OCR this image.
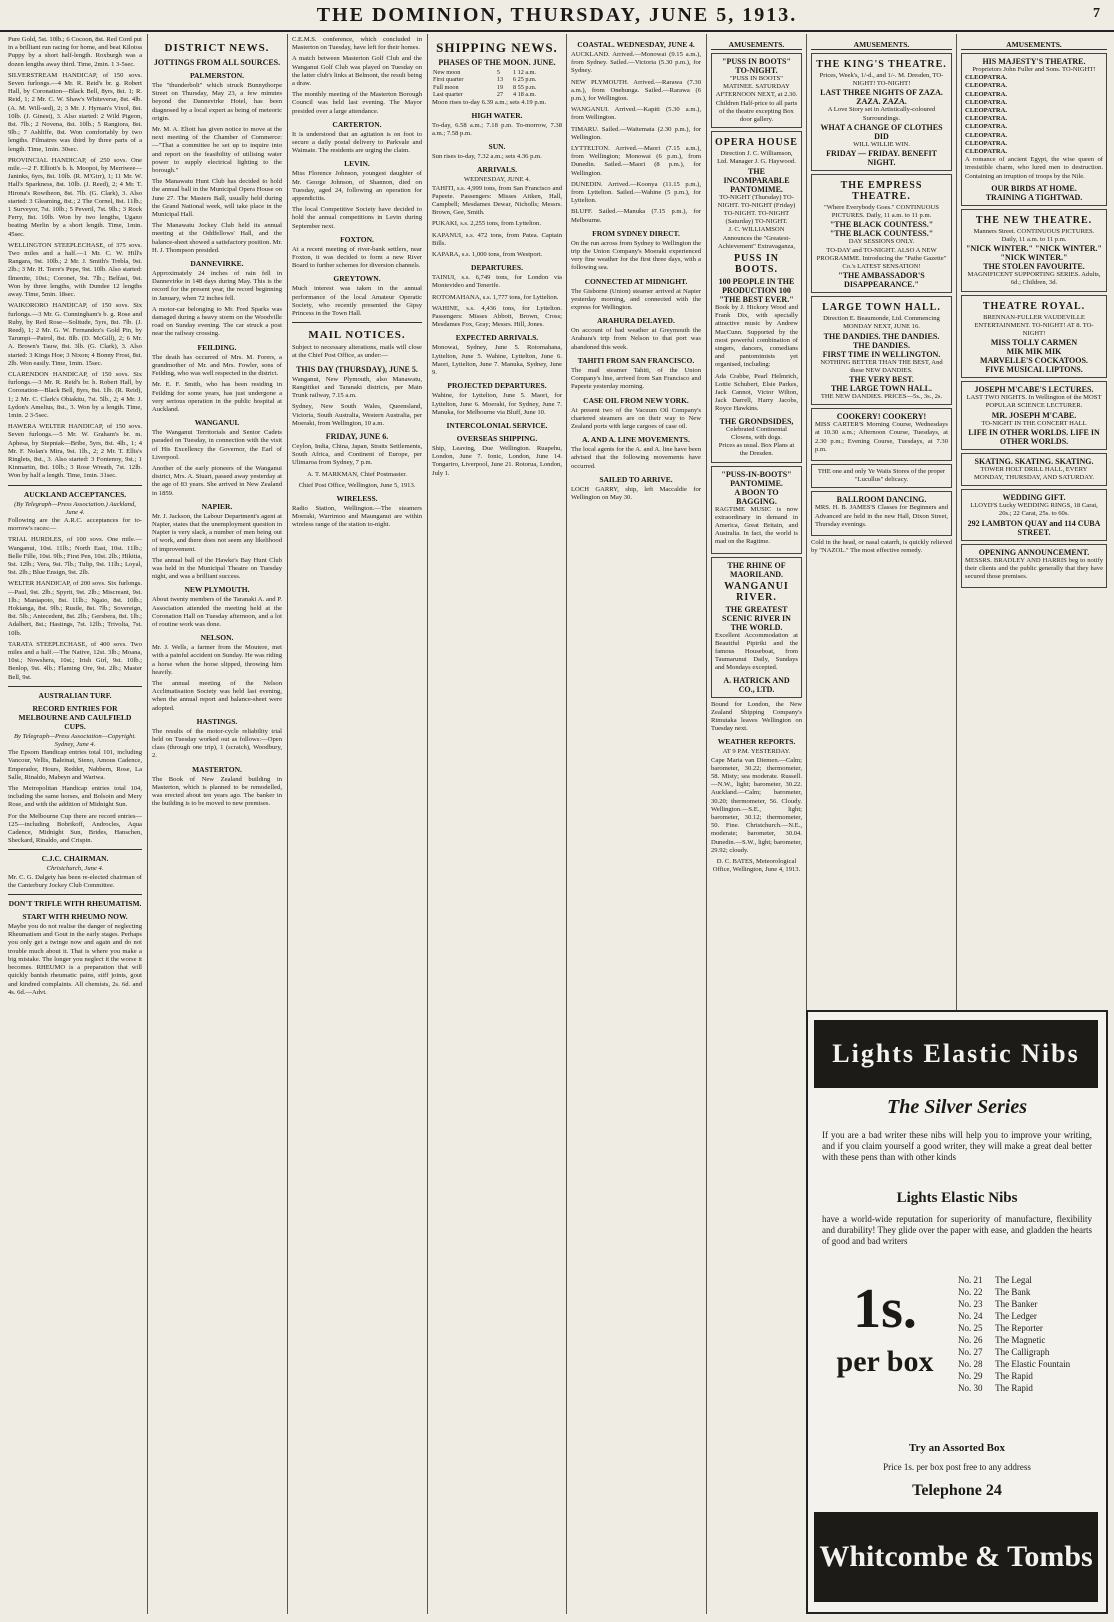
THE DOMINION, THURSDAY, JUNE 5, 1913.	7

Pure Gold, 5st. 10lb.; 6 Cocoon, 8st. Red Cord put in a brilliant run racing for home, and beat Kilotoa Puppy by a short half-length. Roxburgh was a dozen lengths away third. Time, 2min. 1 3-5sec.

SILVERSTREAM HANDICAP, of 150 sovs. Seven furlongs.—4 Mr. R. Reid's br. g. Robert Hall, by Coronation—Black Bell, 8yrs, 8st. 1; R. Reid, 1; 2 Mr. C. W. Shaw's Whiteverse, 8st. 4lb. (A. M. Will-sed), 2; 3 Mr. J. Hyman's Vixol, 8st. 10lb. (J. Ginest), 3. Also started: 2 Wild Pigeon, 8st. 7lb.; 2 Novena, 8st. 10lb.; 5 Rangiora, 8st. 9lb.; 7 Ashliffe, 8st. Won comfortably by two lengths. Filmatres was third by three parts of a length. Time, 1min. 30sec.

PROVINCIAL HANDICAP, of 250 sovs. One mile.—2 F. Elliott's b. h. Moopoi, by Merriwee—Janinks, 6yrs, 8st. 10lb. (R. M'Girr), 1; 11 Mr. W. Hall's Sparkness, 8st. 10lb. (J. Reed), 2; 4 Mr. T. Hirona's Rowtheon, 8st. 7lb. (G. Clark), 3. Also started: 3 Gleaming, 8st.; 2 The Cornel, 8st. 11lb.; 1 Surveyor, 7st. 10lb.; 5 Peveril, 7st. 9lb.; 3 Rock Ferry, 8st. 10lb. Won by two lengths, Ugano beating Merlin by a short length. Time, 1min. 45sec.

WELLINGTON STEEPLECHASE, of 375 sovs. Two miles and a half.—1 Mr. C. W. Hill's Rangara, 9st. 10lb.; 2 Mr. J. Smith's Trebla, 9st. 2lb.; 3 Mr. H. Torre's Pepe, 9st. 10lb. Also started: Ilmenite, 10st.; Coronet, 9st. 7lb.; Belfast, 9st. Won by three lengths, with Dundee 12 lengths away. Time, 5min. 18sec.

WAIKORORO HANDICAP, of 150 sovs. Six furlongs.—3 Mr. G. Cunningham's b. g. Rose and Ruby, by Red Rose—Solitude, 5yrs, 8st. 7lb. (J. Reed), 1; 2 Mr. G. W. Fernandez's Gold Pin, by Tarumpi—Patrol, 8st. 8lb. (D. McGill), 2; 6 Mr. A. Brown's Tauw, 8st. 3lb. (G. Clark), 3. Also started: 3 Kings Hoe; 3 Nixon; 4 Bonny Frost, 8st. 2lb. Won easily. Time, 1min. 15sec.

CLARENDON HANDICAP, of 150 sovs. Six furlongs.—3 Mr. R. Reid's br. h. Robert Hall, by Coronation—Black Bell, 8yrs, 8st. 1lb. (R. Reid), 1; 2 Mr. C. Clark's Ohiakitu, 7st. 5lb., 2; 4 Mr. J. Lydon's Amelius, 8st., 3. Won by a length. Time, 1min. 2 3-5sec.

HAWERA WELTER HANDICAP, of 150 sovs. Seven furlongs.—5 Mr. W. Graham's br. m. Aphesa, by Stepniak—Bribe, 5yrs, 8st. 4lb., 1; 4 Mr. F. Nolan's Mira, 9st. 1lb., 2; 2 Mr. T. Ellis's Ringlets, 8st., 3. Also started: 3 Fontenoy, 9st.; 1 Kinmartin, 8st. 10lb.; 3 Rose Wreath, 7st. 12lb. Won by half a length. Time, 1min. 31sec.

AUCKLAND ACCEPTANCES.
(By Telegraph—Press Association.) Auckland, June 4.

Following are the A.R.C. acceptances for to-morrow's races:—

TRIAL HURDLES, of 100 sovs. One mile.—Wanganui, 10st. 11lb.; North East, 10st. 11lb.; Belle Fille, 10st. 9lb.; First Pen, 10st. 2lb.; Hikitia, 9st. 12lb.; Vera, 9st. 7lb.; Tulip, 9st. 11lb.; Loyal, 9st. 2lb.; Blue Ensign, 9st. 2lb.

WELTER HANDICAP, of 200 sovs. Six furlongs.—Paul, 9st. 2lb.; Spyrit, 9st. 2lb.; Miscreant, 9st. 1lb.; Maniapoto, 8st. 11lb.; Ngaio, 8st. 10lb.; Hokianga, 8st. 9lb.; Rustle, 8st. 7lb.; Sovereign, 8st. 5lb.; Antecedent, 8st. 2lb.; Gersbera, 8st. 1lb.; Adalbert, 8st.; Hastings, 7st. 12lb.; Trivolta, 7st. 10lb.

TARATA STEEPLECHASE, of 400 sovs. Two miles and a half.—The Native, 12st. 3lb.; Moana, 10st.; Nowshera, 10st.; Irish Girl, 9st. 10lb.; Benlop, 9st. 4lb.; Flaming Ore, 9st. 2lb.; Master Bell, 9st.

AUSTRALIAN TURF.
RECORD ENTRIES FOR MELBOURNE AND CAULFIELD CUPS.
By Telegraph—Press Association—Copyright. Sydney, June 4.

The Epsom Handicap entries total 101, including Vancour, Vellis, Baleinat, Steno, Amous Cadence, Emperador, Hours, Redder, Nabbern, Rose, La Salle, Rinaldo, Mabeyn and Wariwa.

The Metropolitan Handicap entries total 104, including the same horses, and Bolsoin and Mery Rose, and with the addition of Midnight Sun.

For the Melbourne Cup there are record entries—125—including Bobrikoff, Androcles, Aqua Cadence, Midnight Sun, Brides, Hanschen, Sheckard, Rinaldo, and Crispin.

C.J.C. CHAIRMAN.
Christchurch, June 4.

Mr. C. G. Dalgety has been re-elected chairman of the Canterbury Jockey Club Committee.

DON'T TRIFLE WITH RHEUMATISM.
START WITH RHEUMO NOW.

Maybe you do not realise the danger of neglecting Rheumatism and Gout in the early stages. Perhaps you only get a twinge now and again and do not trouble much about it. That is where you make a big mistake. The longer you neglect it the worse it becomes. RHEUMO is a preparation that will quickly banish rheumatic pains, stiff joints, gout and kindred complaints. All chemists, 2s. 6d. and 4s. 6d.—Advt.

DISTRICT NEWS.
JOTTINGS FROM ALL SOURCES.
PALMERSTON.

The "thunderbolt" which struck Bunnythorpe Street on Thursday, May 23, a few minutes beyond the Dannevirke Hotel, has been diagnosed by a local expert as being of meteoric origin.

Mr. M. A. Eliott has given notice to move at the next meeting of the Chamber of Commerce:—"That a committee be set up to inquire into and report on the feasibility of utilising water power to supply electrical lighting to the borough."

The Manawatu Hunt Club has decided to hold the annual ball in the Municipal Opera House on June 27. The Masters Ball, usually held during the Grand National week, will take place in the Municipal Hall.

The Manawatu Jockey Club held its annual meeting at the Oddfellows' Hall, and the balance-sheet showed a satisfactory position. Mr. H. J. Thompson presided.

DANNEVIRKE.

Approximately 24 inches of rain fell in Dannevirke in 148 days during May. This is the record for the present year, the record beginning in January, when 72 inches fell.

A motor-car belonging to Mr. Fred Sparks was damaged during a heavy storm on the Woodville road on Sunday evening. The car struck a post near the railway crossing.

FEILDING.

The death has occurred of Mrs. M. Forers, a grandmother of Mr. and Mrs. Fowler, sons of Feilding, who was well respected in the district.

Mr. E. F. Smith, who has been residing in Feilding for some years, has just undergone a very serious operation in the public hospital at Auckland.

WANGANUI.

The Wanganui Territorials and Senior Cadets paraded on Tuesday, in connection with the visit of His Excellency the Governor, the Earl of Liverpool.

Another of the early pioneers of the Wanganui district, Mrs. A. Stuart, passed away yesterday at the age of 83 years. She arrived in New Zealand in 1859.

NAPIER.

Mr. J. Jackson, the Labour Department's agent at Napier, states that the unemployment question in Napier is very slack, a number of men being out of work, and there does not seem any likelihood of improvement.

The annual ball of the Hawke's Bay Hunt Club was held in the Municipal Theatre on Tuesday night, and was a brilliant success.

NEW PLYMOUTH.

About twenty members of the Taranaki A. and P. Association attended the meeting held at the Coronation Hall on Tuesday afternoon, and a lot of routine work was done.

NELSON.

Mr. J. Wells, a farmer from the Moutere, met with a painful accident on Sunday. He was riding a horse when the horse slipped, throwing him heavily.

The annual meeting of the Nelson Acclimatisation Society was held last evening, when the annual report and balance-sheet were adopted.

HASTINGS.

The results of the motor-cycle reliability trial held on Tuesday worked out as follows:—Open class (through one trip), 1 (scratch), Woodbury, 2.

MASTERTON.

The Book of New Zealand building in Masterton, which is planned to be remodelled, was erected about ten years ago. The banker in the building is to be moved to new premises.

C.E.M.S. conference, which concluded in Masterton on Tuesday, have left for their homes.

A match between Masterton Golf Club and the Wanganui Golf Club was played on Tuesday on the latter club's links at Belmont, the result being a draw.

The monthly meeting of the Masterton Borough Council was held last evening. The Mayor presided over a large attendance.

CARTERTON.

It is understood that an agitation is on foot to secure a daily postal delivery to Parkvale and Waimate. The residents are urging the claim.

LEVIN.

Miss Florence Johnson, youngest daughter of Mr. George Johnson, of Shannon, died on Tuesday, aged 24, following an operation for appendicitis.

The local Competitive Society have decided to hold the annual competitions in Levin during September next.

FOXTON.

At a recent meeting of river-bank settlers, near Foxton, it was decided to form a new River Board to further schemes for diversion channels.

GREYTOWN.

Much interest was taken in the annual performance of the local Amateur Operatic Society, who recently presented the Gipsy Princess in the Town Hall.

MAIL NOTICES.

Subject to necessary alterations, mails will close at the Chief Post Office, as under:—

THIS DAY (THURSDAY), JUNE 5.

Wanganui, New Plymouth, also Manawatu, Rangitikei and Taranaki districts, per Main Trunk railway, 7.15 a.m.

Sydney, New South Wales, Queensland, Victoria, South Australia, Western Australia, per Moeraki, from Wellington, 10 a.m.

FRIDAY, JUNE 6.

Ceylon, India, China, Japan, Straits Settlements, South Africa, and Continent of Europe, per Ulimaroa from Sydney, 7 p.m.

A. T. MARKMAN, Chief Postmaster.

Chief Post Office, Wellington, June 5, 1913.

WIRELESS.

Radio Station, Wellington.—The steamers Moeraki, Warrimoo and Maunganui are within wireless range of the station to-night.

SHIPPING NEWS.
PHASES OF THE MOON. JUNE.
New moon	5	1 12 a.m.
First quarter	13	6 25 p.m.
Full moon	19	8 55 p.m.
Last quarter	27	4 18 a.m.

Moon rises to-day 6.39 a.m.; sets 4.19 p.m.

HIGH WATER.

To-day, 6.58 a.m.; 7.18 p.m. To-morrow, 7.38 a.m.; 7.58 p.m.

SUN.

Sun rises to-day, 7.32 a.m.; sets 4.36 p.m.

ARRIVALS.
WEDNESDAY, JUNE 4.

TAHITI, s.s. 4,999 tons, from San Francisco and Papeete. Passengers: Misses Aitken, Hall, Campbell; Mesdames Dewar, Nicholls; Messrs. Brown, Gee, Smith.

PUKAKI, s.s. 2,255 tons, from Lyttelton.

KAPANUI, s.s. 472 tons, from Patea. Captain Bills.

KAPARA, s.s. 1,000 tons, from Westport.

DEPARTURES.

TAINUI, s.s. 6,749 tons, for London via Montevideo and Tenerife.

ROTOMAHANA, s.s. 1,777 tons, for Lyttelton.

WAHINE, s.s. 4,436 tons, for Lyttelton. Passengers: Misses Abbott, Brown, Cross; Mesdames Fox, Gray; Messrs. Hill, Jones.

EXPECTED ARRIVALS.

Monowai, Sydney, June 5. Rotomahana, Lyttelton, June 5. Wahine, Lyttelton, June 6. Maori, Lyttelton, June 7. Manuka, Sydney, June 9.

PROJECTED DEPARTURES.

Wahine, for Lyttelton, June 5. Maori, for Lyttelton, June 6. Moeraki, for Sydney, June 7. Manuka, for Melbourne via Bluff, June 10.

INTERCOLONIAL SERVICE.
OVERSEAS SHIPPING.

Ship, Leaving, Due Wellington. Ruapehu, London, June 7. Ionic, London, June 14. Tongariro, Liverpool, June 21. Rotorua, London, July 1.

COASTAL. WEDNESDAY, JUNE 4.

AUCKLAND. Arrived.—Monowai (9.15 a.m.), from Sydney. Sailed.—Victoria (5.30 p.m.), for Sydney.

NEW PLYMOUTH. Arrived.—Rarawa (7.30 a.m.), from Onehunga. Sailed.—Rarawa (6 p.m.), for Wellington.

WANGANUI. Arrived.—Kapiti (5.30 a.m.), from Wellington.

TIMARU. Sailed.—Waitemata (2.30 p.m.), for Wellington.

LYTTELTON. Arrived.—Maori (7.15 a.m.), from Wellington; Monowai (6 p.m.), from Dunedin. Sailed.—Maori (8 p.m.), for Wellington.

DUNEDIN. Arrived.—Koonya (11.15 p.m.), from Lyttelton. Sailed.—Wahine (5 p.m.), for Lyttelton.

BLUFF. Sailed.—Manuka (7.15 p.m.), for Melbourne.

FROM SYDNEY DIRECT.

On the run across from Sydney to Wellington the trip the Union Company's Moeraki experienced very fine weather for the first three days, with a following sea.

CONNECTED AT MIDNIGHT.

The Gisborne (Union) steamer arrived at Napier yesterday morning, and connected with the express for Wellington.

ARAHURA DELAYED.

On account of bad weather at Greymouth the Arahura's trip from Nelson to that port was abandoned this week.

TAHITI FROM SAN FRANCISCO.

The mail steamer Tahiti, of the Union Company's line, arrived from San Francisco and Papeete yesterday morning.

CASE OIL FROM NEW YORK.

At present two of the Vacuum Oil Company's chartered steamers are on their way to New Zealand ports with large cargoes of case oil.

A. AND A. LINE MOVEMENTS.

The local agents for the A. and A. line have been advised that the following movements have occurred.

SAILED TO ARRIVE.

LOCH GARRY, ship, left Maccaldie for Wellington on May 30.

AMUSEMENTS.
"PUSS IN BOOTS" TO-NIGHT.
"PUSS IN BOOTS" MATINEE. SATURDAY AFTERNOON NEXT, at 2.30.
Children Half-price to all parts of the theatre excepting Box door gallery.
OPERA HOUSE
Direction J. C. Williamson, Ltd. Manager J. G. Haywood.
THE INCOMPARABLE PANTOMIME.
TO-NIGHT (Thursday) TO-NIGHT. TO-NIGHT (Friday) TO-NIGHT. TO-NIGHT (Saturday) TO-NIGHT.
J. C. WILLIAMSON Announces the "Greatest-Achievement" Extravaganza,
PUSS IN BOOTS.
100 PEOPLE IN THE PRODUCTION 100
"THE BEST EVER."

Book by J. Hickory Wood and Frank Dix, with specially attractive music by Andrew MacCunn. Supported by the most powerful combination of singers, dancers, comedians and pantomimists yet organised, including:

Ada Crabbe, Pearl Helmrich, Lottie Schubert, Elsie Parkes, Jack Cannot, Victor Wilton, Jack Darrell, Harry Jacobs, Royce Hawkins.

THE GRONDSIDES,
Celebrated Continental Clowns, with dogs.
Prices as usual. Box Plans at the Dresden.
"PUSS-IN-BOOTS" PANTOMIME.
A BOON TO BAGGING.

RAGTIME MUSIC is now extraordinary in demand in America, Great Britain, and Australia. In fact, the world is mad on the Ragtime.

THE RHINE OF MAORILAND.
WANGANUI RIVER.
THE GREATEST SCENIC RIVER IN THE WORLD.

Excellent Accommodation at Beautiful Pipiriki and the famous Houseboat, from Taumarunui Daily, Sundays and Mondays excepted.

A. HATRICK AND CO., LTD.

Bound for London, the New Zealand Shipping Company's Rimutaka leaves Wellington on Tuesday next.

WEATHER REPORTS.
AT 9 P.M. YESTERDAY.

Cape Maria van Diemen.—Calm; barometer, 30.22; thermometer, 58. Misty; sea moderate. Russell.—N.W., light; barometer, 30.22. Auckland.—Calm; barometer, 30.20; thermometer, 56. Cloudy. Wellington.—S.E., light; barometer, 30.12; thermometer, 50. Fine. Christchurch.—N.E., moderate; barometer, 30.04. Dunedin.—S.W., light; barometer, 29.92; cloudy.

D. C. BATES, Meteorological Office, Wellington, June 4, 1913.

AMUSEMENTS.
THE KING'S THEATRE.
Prices, Week's, 1/-d., and 1/-. M. Dresden, TO-NIGHT! TO-NIGHT!
LAST THREE NIGHTS OF ZAZA. ZAZA. ZAZA.
A Love Story set in Artistically-coloured Surroundings.
WHAT A CHANGE OF CLOTHES DID
WILL WILLIE WIN.
FRIDAY — FRIDAY. BENEFIT NIGHT.
THE EMPRESS THEATRE.
"Where Everybody Goes." CONTINUOUS PICTURES. Daily, 11 a.m. to 11 p.m.
"THE BLACK COUNTESS."
"THE BLACK COUNTESS."
DAY SESSIONS ONLY.
TO-DAY and TO-NIGHT. ALSO A NEW PROGRAMME. Introducing the "Pathe Gazette" Co.'s LATEST SENSATION!
"THE AMBASSADOR'S DISAPPEARANCE."
LARGE TOWN HALL.
Direction E. Beaumonde, Ltd. Commencing MONDAY NEXT, JUNE 16.
THE DANDIES. THE DANDIES. THE DANDIES.
FIRST TIME IN WELLINGTON.
NOTHING BETTER THAN THE BEST, And these NEW DANDIES.
THE VERY BEST.
THE LARGE TOWN HALL.
THE NEW DANDIES. PRICES—5s., 3s., 2s.
COOKERY! COOKERY!

MISS CARTER'S Morning Course, Wednesdays at 10.30 a.m.; Afternoon Course, Tuesdays, at 2.30 p.m.; Evening Course, Tuesdays, at 7.30 p.m.

THE one and only Ye Waits Stores of the proper "Lucullus" delicacy.
BALLROOM DANCING.

MRS. H. B. JAMES'S Classes for Beginners and Advanced are held in the new Hall, Dixon Street, Thursday evenings.

Cold in the head, or nasal catarrh, is quickly relieved by "NAZOL." The most effective remedy.

AMUSEMENTS.
HIS MAJESTY'S THEATRE.
Proprietors John Fuller and Sons. TO-NIGHT!
CLEOPATRA.
CLEOPATRA.
CLEOPATRA.
CLEOPATRA.
CLEOPATRA.
CLEOPATRA.
CLEOPATRA.
CLEOPATRA.
CLEOPATRA.
CLEOPATRA.

A romance of ancient Egypt, the wise queen of irresistible charm, who lured men to destruction. Containing an irruption of troops by the Nile.

OUR BIRDS AT HOME.
TRAINING A TIGHTWAD.
THE NEW THEATRE.
Manners Street. CONTINUOUS PICTURES. Daily, 11 a.m. to 11 p.m.
"NICK WINTER." "NICK WINTER." "NICK WINTER."
THE STOLEN FAVOURITE.
MAGNIFICENT SUPPORTING SERIES. Adults, 6d.; Children, 3d.
THEATRE ROYAL.
BRENNAN-FULLER VAUDEVILLE ENTERTAINMENT. TO-NIGHT! AT 8. TO-NIGHT!
MISS TOLLY CARMEN
MIK MIK MIK
MARVELLE'S COCKATOOS.
FIVE MUSICAL LIPTONS.
JOSEPH M'CABE'S LECTURES.
LAST TWO NIGHTS. In Wellington of the MOST POPULAR SCIENCE LECTURER.
MR. JOSEPH M'CABE.
TO-NIGHT IN THE CONCERT HALL
LIFE IN OTHER WORLDS. LIFE IN OTHER WORLDS.
SKATING. SKATING. SKATING.
TOWER HOLT DRILL HALL, EVERY MONDAY, THURSDAY, AND SATURDAY.
WEDDING GIFT.
LLOYD'S Lucky WEDDING RINGS, 18 Carat, 20s.; 22 Carat, 25s. to 60s.
292 LAMBTON QUAY and 114 CUBA STREET.
OPENING ANNOUNCEMENT.

MESSRS. BRADLEY AND HARRIS beg to notify their clients and the public generally that they have secured those premises.

Lights Elastic Nibs
The Silver Series
If you are a bad writer these nibs will help you to improve your writing, and if you claim yourself a good writer, they will make a great deal better with these pens than with other kinds
Lights Elastic Nibs
have a world-wide reputation for superiority of manufacture, flexibility and durability! They glide over the paper with ease, and gladden the hearts of good and bad writers
1s.
per box
No. 21	The Legal
No. 22	The Bank
No. 23	The Banker
No. 24	The Ledger
No. 25	The Reporter
No. 26	The Magnetic
No. 27	The Calligraph
No. 28	The Elastic Fountain
No. 29	The Rapid
No. 30	The Rapid
Try an Assorted Box
Price 1s. per box post free to any address
Telephone 24
Whitcombe & Tombs
